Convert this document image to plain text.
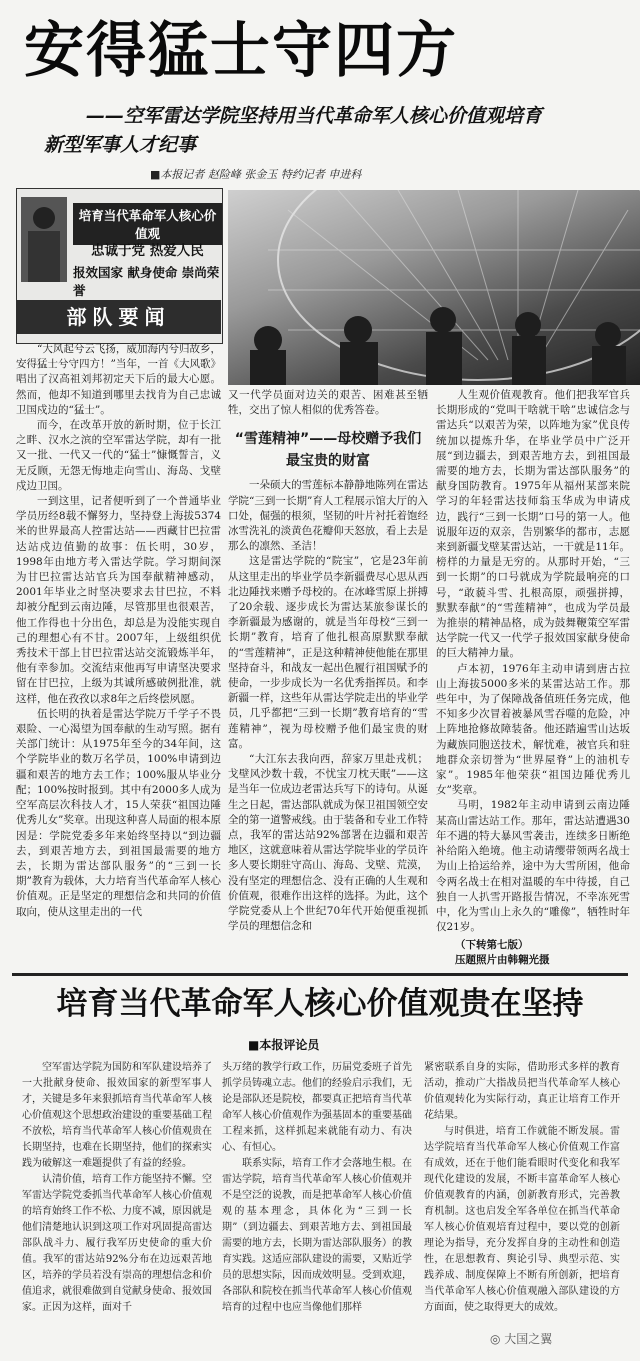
安得猛士守四方
——空军雷达学院坚持用当代革命军人核心价值观培育
新型军事人才纪事
■本报记者 赵险峰 张金玉 特约记者 申进科
培育当代革命军人核心价值观
忠诚于党 热爱人民
报效国家 献身使命 崇尚荣誉
部队要闻

“大风起兮云飞扬，威加海内兮归故乡，安得猛士兮守四方！”当年，一首《大风歌》唱出了汉高祖刘邦初定天下后的最大心愿。然而，他却不知道到哪里去找肯为自己忠诚卫国戍边的“猛士”。

而今，在改革开放的新时期，位于长江之畔、汉水之滨的空军雷达学院，却有一批又一批、一代又一代的“猛士”慷慨誓言，义无反顾，无怨无悔地走向雪山、海岛、戈壁戍边卫国。

一到这里，记者便听到了一个普通毕业学员历经8载不懈努力，坚持登上海拔5374米的世界最高人控雷达站——西藏甘巴拉雷达站戍边值勤的故事：伍长明，30岁，1998年由地方考入雷达学院。学习期间深为甘巴拉雷达站官兵为国奉献精神感动，2001年毕业之时坚决要求去甘巴拉，不料却被分配到云南边陲，尽管那里也很艰苦，他工作得也十分出色，却总是为没能实现自己的理想心有不甘。2007年，上级组织优秀技术干部上甘巴拉雷达站交流锻炼半年，他有幸参加。交流结束他再写申请坚决要求留在甘巴拉，上级为其诚所感破例批准，就这样，他在孜孜以求8年之后终偿夙愿。

伍长明的执着是雷达学院万千学子不畏艰险、一心渴望为国奉献的生动写照。据有关部门统计：从1975年至今的34年间，这个学院毕业的数万名学员，100%申请到边疆和艰苦的地方去工作；100%服从毕业分配；100%按时报到。其中有2000多人成为空军高层次科技人才，15人荣获“祖国边陲优秀儿女”奖章。出现这种喜人局面的根本原因是：学院党委多年来始终坚持以“到边疆去，到艰苦地方去，到祖国最需要的地方去，长期为雷达部队服务”的“三到一长期”教育为载体，大力培育当代革命军人核心价值观。正是坚定的理想信念和共同的价值取向，使从这里走出的一代

又一代学员面对边关的艰苦、困难甚至牺牲，交出了惊人相似的优秀答卷。

“雪莲精神”——母校赠予我们最宝贵的财富

一朵硕大的雪莲标本静静地陈列在雷达学院“三到一长期”育人工程展示馆大厅的入口处，倔强的根须，坚韧的叶片衬托着饱经冰雪洗礼的淡黄色花瓣仰天怒放，看上去是那么的凛然、圣洁！

这是雷达学院的“院宝”，它是23年前从这里走出的毕业学员李新疆费尽心思从西北边陲找来赠予母校的。在冰峰雪原上拼搏了20余载、逐步成长为雷达某旅参谋长的李新疆最为感谢的，就是当年母校“三到一长期”教育，培育了他扎根高原默默奉献的“雪莲精神”，正是这种精神使他能在那里坚持奋斗，和战友一起出色履行祖国赋予的使命，一步步成长为一名优秀指挥员。和李新疆一样，这些年从雷达学院走出的毕业学员，几乎都把“三到一长期”教育培育的“雪莲精神”，视为母校赠予他们最宝贵的财富。

“大江东去我向西，辞家万里赴戎机；戈壁风沙数十载，不忧宝刀枕天眠”——这是当年一位成边老雷达兵写下的诗句。从诞生之日起，雷达部队就成为保卫祖国领空安全的第一道警戒线。由于装备和专业工作特点，我军的雷达站92%部署在边疆和艰苦地区，这就意味着从雷达学院毕业的学员许多人要长期驻守高山、海岛、戈壁、荒漠，没有坚定的理想信念、没有正确的人生观和价值观，很难作出这样的选择。为此，这个学院党委从上个世纪70年代开始便重视抓学员的理想信念和

人生观价值观教育。他们把我军官兵长期形成的“党叫干啥就干啥”忠诚信念与雷达兵“以艰苦为荣，以阵地为家”优良传统加以提炼升华，在毕业学员中广泛开展“到边疆去，到艰苦地方去，到祖国最需要的地方去，长期为雷达部队服务”的献身国防教育。1975年从福州某部来院学习的年轻雷达技师翁玉华成为申请戍边，践行“三到一长期”口号的第一人。他说服年迈的双亲，告别繁华的都市，志愿来到新疆戈壁某雷达站，一干就是11年。榜样的力量是无穷的。从那时开始，“三到一长期”的口号就成为学院最响亮的口号，“敢藐斗雪、扎根高原，顽强拼搏，默默奉献”的“雪莲精神”，也成为学员最为推崇的精神品格，成为鼓舞鞭策空军雷达学院一代又一代学子报效国家献身使命的巨大精神力量。

卢本初，1976年主动申请到唐古拉山上海拔5000多米的某雷达站工作。那些年中，为了保障战备值班任务完成，他不知多少次冒着被暴风雪吞噬的危险，冲上阵地抢修故障装备。他还踏遍雪山达坂为藏族同胞送技术，解忧难，被官兵和驻地群众亲切誉为“世界屋脊”上的油机专家”。1985年他荣获“祖国边陲优秀儿女”奖章。

马明，1982年主动申请到云南边陲某高山雷达站工作。那年，雷达站遭遇30年不遇的特大暴风雪袭击，连续多日断绝补给陷入绝境。他主动请缨带领两名战士为山上拾运给养，途中为大雪所困，他命令两名战士在相对温暖的车中待援，自己独自一人扒雪开路报告情况，不幸冻死雪中，化为雪山上永久的“雕像”，牺牲时年仅21岁。

（下转第七版）
压题照片由韩翱光摄
培育当代革命军人核心价值观贵在坚持
■本报评论员

空军雷达学院为国防和军队建设培养了一大批献身使命、报效国家的新型军事人才，关键是多年来狠抓培育当代革命军人核心价值观这个思想政治建设的重要基础工程不放松，培育当代革命军人核心价值观贵在长期坚持，也难在长期坚持，他们的探索实践为破解这一难题提供了有益的经验。

认清价值，培育工作方能坚持不懈。空军雷达学院党委抓当代革命军人核心价值观的培育始终工作不松、力度不减，原因就是他们清楚地认识到这项工作对巩固提高雷达部队战斗力、履行我军历史使命的重大价值。我军的雷达站92%分布在边远艰苦地区，培养的学员若没有崇高的理想信念和价值追求，就很难做到自觉献身使命、报效国家。正因为这样，面对千

头万绪的教学行政工作，历届党委班子首先抓学员铸魂立志。他们的经验启示我们，无论是部队还是院校，都要真正把培育当代革命军人核心价值观作为强基固本的重要基础工程来抓，这样抓起来就能有动力、有决心、有恒心。

联系实际，培育工作才会落地生根。在雷达学院，培育当代革命军人核心价值观并不是空泛的说教，而是把革命军人核心价值观的基本理念，具体化为“三到一长期”（到边疆去、到艰苦地方去、到祖国最需要的地方去，长期为雷达部队服务）的教育实践。这适应部队建设的需要，又贴近学员的思想实际，因而成效明显。受到欢迎，各部队和院校在抓当代革命军人核心价值观培育的过程中也应当像他们那样

紧密联系自身的实际，借助形式多样的教育活动，推动广大指战员把当代革命军人核心价值观转化为实际行动，真正让培育工作开花结果。

与时俱进，培育工作就能不断发展。雷达学院培育当代革命军人核心价值观工作富有成效，还在于他们能看眼时代变化和我军现代化建设的发展，不断丰富革命军人核心价值观教育的内涵，创新教育形式，完善教育机制。这也启发全军各单位在抓当代革命军人核心价值观培育过程中，要以党的创新理论为指导，充分发挥自身的主动性和创造性，在思想教育、舆论引导、典型示范、实践养成、制度保障上不断有所创新，把培育当代革命军人核心价值观融入部队建设的方方面面，使之取得更大的成效。

◎ 大国之翼
